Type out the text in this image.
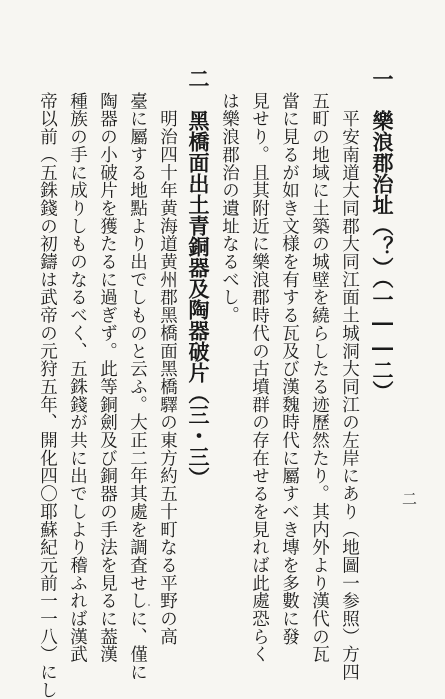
一　樂浪郡治址（？）（一――二）
　平安南道大同郡大同江面土城洞大同江の左岸にあり（地圖一参照）方四
五町の地域に土築の城壁を繞らしたる迹歷然たり。其内外より漢代の瓦
當に見るが如き文様を有する瓦及び漢魏時代に屬すべき塼を多數に發
見せり。且其附近に樂浪郡時代の古墳群の存在せるを見れば此處恐らく
は樂浪郡治の遺址なるべし。
二　黑橋面出土青銅器及陶器破片（三・三）
　明治四十年黄海道黄州郡黑橋面黑橋驛の東方約五十町なる平野の高
臺に屬する地點より出でしものと云ふ。大正二年其處を調査せしに、僅に
陶器の小破片を獲たるに過ぎず。此等銅劍及び銅器の手法を見るに葢漢
種族の手に成りしものなるべく、五銖錢が共に出でしより稽ふれば漢武
帝以前（五銖錢の初鑄は武帝の元狩五年、開化四〇耶蘇紀元前一一八）にし	二
